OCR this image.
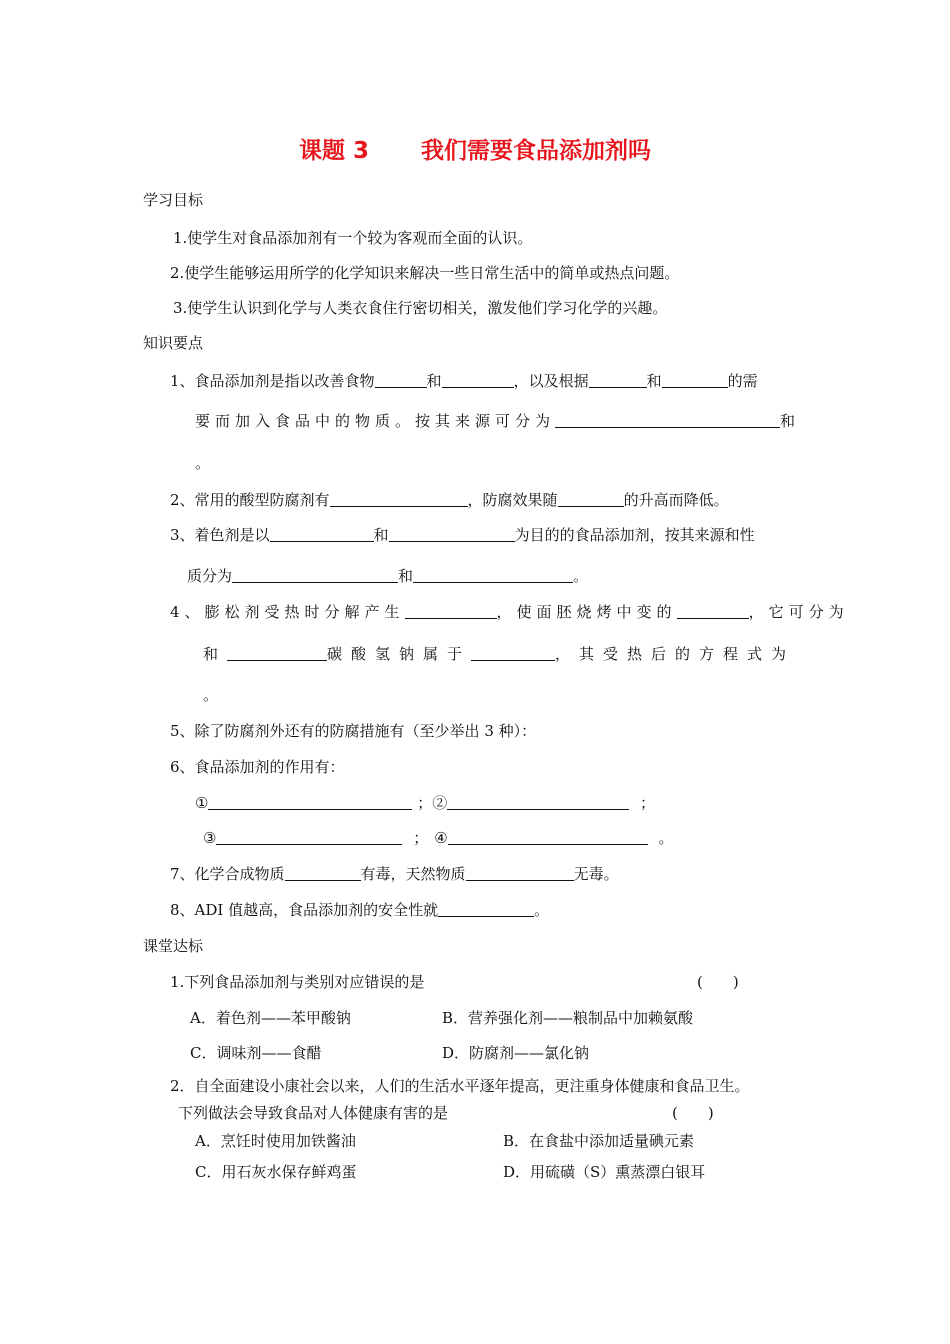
课题 3 我们需要食品添加剂吗
学习目标
1.使学生对食品添加剂有一个较为客观而全面的认识。
2.使学生能够运用所学的化学知识来解决一些日常生活中的简单或热点问题。
3.使学生认识到化学与人类衣食住行密切相关，激发他们学习化学的兴趣。
知识要点
1、食品添加剂是指以改善食物	和	，以及根据	和	的需
要而加入食品中的物质。按其来源可分为	和
。
2、常用的酸型防腐剂有	，防腐效果随	的升高而降低。
3、着色剂是以	和	为目的的食品添加剂，按其来源和性
质分为	和	。
4、膨松剂受热时分解产生	，使面胚烧烤中变的	，它可分为
和	碳酸氢钠属于	，其受热后的方程式为
。
5、除了防腐剂外还有的防腐措施有（至少举出 3 种）：
6、食品添加剂的作用有：
①	；②	；
③	； ④	。
7、化学合成物质	有毒，天然物质	无毒。
8、ADI 值越高，食品添加剂的安全性就	。
课堂达标
1.下列食品添加剂与类别对应错误的是	(　　)
A．着色剂——苯甲酸钠	B．营养强化剂——粮制品中加赖氨酸
C．调味剂——食醋	D．防腐剂——氯化钠
2．自全面建设小康社会以来，人们的生活水平逐年提高，更注重身体健康和食品卫生。
下列做法会导致食品对人体健康有害的是	(　　)
A．烹饪时使用加铁酱油	B．在食盐中添加适量碘元素
C．用石灰水保存鲜鸡蛋	D．用硫磺（S）熏蒸漂白银耳
